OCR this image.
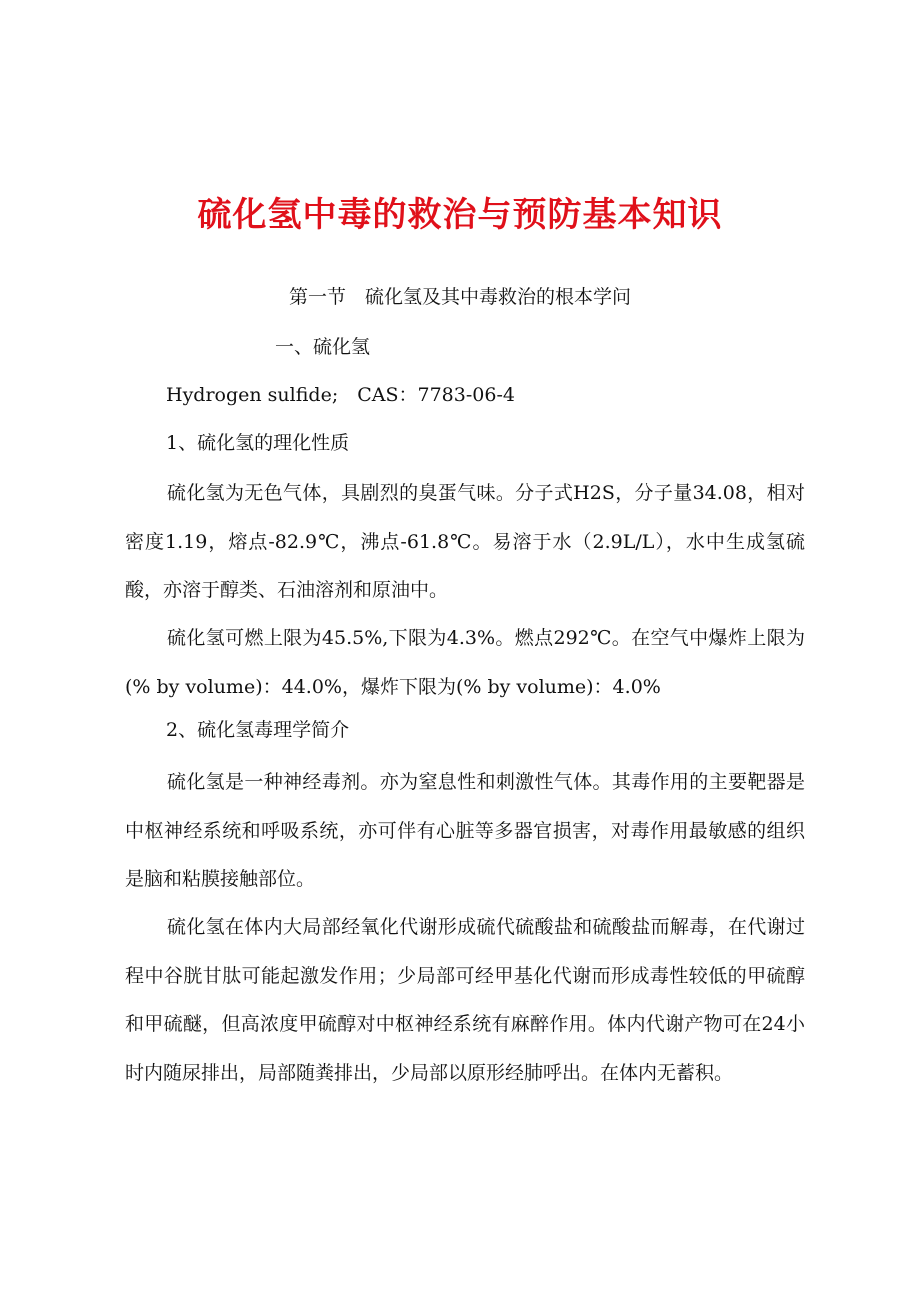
硫化氢中毒的救治与预防基本知识
第一节　硫化氢及其中毒救治的根本学问
一、硫化氢
Hydrogen sulfide;　CAS：7783-06-4
1、硫化氢的理化性质
硫化氢为无色气体，具剧烈的臭蛋气味。分子式H2S，分子量34.08，相对密度1.19，熔点-82.9℃，沸点-61.8℃。易溶于水（2.9L/L），水中生成氢硫酸，亦溶于醇类、石油溶剂和原油中。
硫化氢可燃上限为45.5%,下限为4.3%。燃点292℃。在空气中爆炸上限为(% by volume)：44.0%，爆炸下限为(% by volume)：4.0%
2、硫化氢毒理学简介
硫化氢是一种神经毒剂。亦为窒息性和刺激性气体。其毒作用的主要靶器是中枢神经系统和呼吸系统，亦可伴有心脏等多器官损害，对毒作用最敏感的组织是脑和粘膜接触部位。
硫化氢在体内大局部经氧化代谢形成硫代硫酸盐和硫酸盐而解毒，在代谢过程中谷胱甘肽可能起激发作用；少局部可经甲基化代谢而形成毒性较低的甲硫醇和甲硫醚，但高浓度甲硫醇对中枢神经系统有麻醉作用。体内代谢产物可在24小时内随尿排出，局部随粪排出，少局部以原形经肺呼出。在体内无蓄积。
